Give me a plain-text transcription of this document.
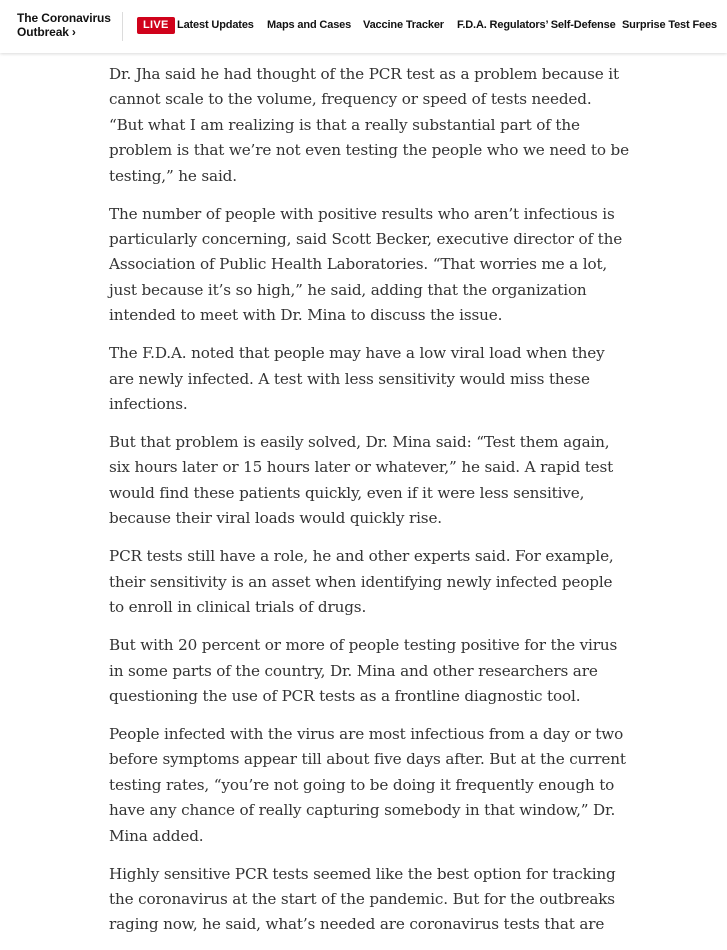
The Coronavirus
Outbreak ›	LIVE Latest Updates Maps and Cases Vaccine Tracker F.D.A. Regulators’ Self-Defense Surprise Test Fees

Dr. Jha said he had thought of the PCR test as a problem because it cannot scale to the volume, frequency or speed of tests needed. “But what I am realizing is that a really substantial part of the problem is that we’re not even testing the people who we need to be testing,” he said.

The number of people with positive results who aren’t infectious is particularly concerning, said Scott Becker, executive director of the Association of Public Health Laboratories. “That worries me a lot, just because it’s so high,” he said, adding that the organization intended to meet with Dr. Mina to discuss the issue.

The F.D.A. noted that people may have a low viral load when they are newly infected. A test with less sensitivity would miss these infections.

But that problem is easily solved, Dr. Mina said: “Test them again, six hours later or 15 hours later or whatever,” he said. A rapid test would find these patients quickly, even if it were less sensitive, because their viral loads would quickly rise.

PCR tests still have a role, he and other experts said. For example, their sensitivity is an asset when identifying newly infected people to enroll in clinical trials of drugs.

But with 20 percent or more of people testing positive for the virus in some parts of the country, Dr. Mina and other researchers are questioning the use of PCR tests as a frontline diagnostic tool.

People infected with the virus are most infectious from a day or two before symptoms appear till about five days after. But at the current testing rates, “you’re not going to be doing it frequently enough to have any chance of really capturing somebody in that window,” Dr. Mina added.

Highly sensitive PCR tests seemed like the best option for tracking the coronavirus at the start of the pandemic. But for the outbreaks raging now, he said, what’s needed are coronavirus tests that are
